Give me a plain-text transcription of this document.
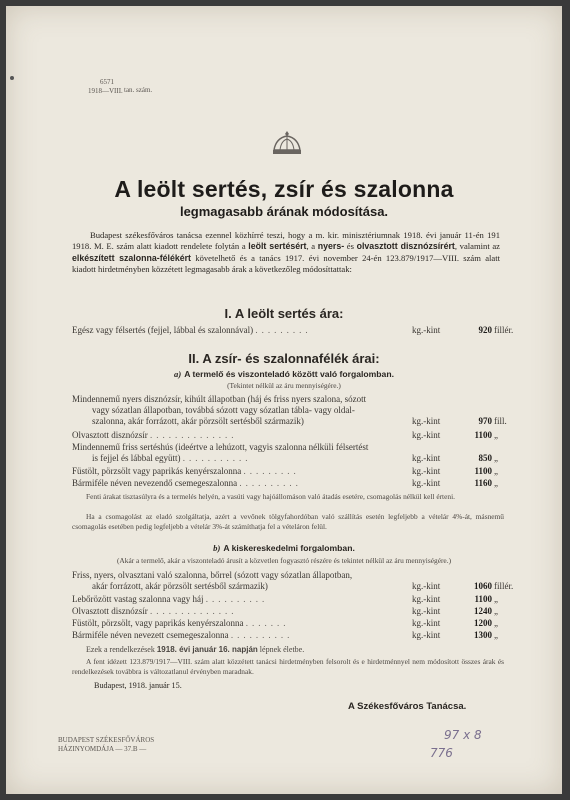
6571
1918—VIII. tan. szám.
A leölt sertés, zsír és szalonna
legmagasabb árának módosítása.
Budapest székesfőváros tanácsa ezennel közhírré teszi, hogy a m. kir. minisztériumnak 1918. évi január 11-én 191 1918. M. E. szám alatt kiadott rendelete folytán a leölt sertésért, a nyers- és olvasztott disznózsírért, valamint az elkészített szalonna-félékért követelhető és a tanács 1917. évi november 24-én 123.879/1917—VIII. szám alatt kiadott hirdetményben közzétett legmagasabb árak a következőleg módosíttattak:
I. A leölt sertés ára:
Egész vagy félsertés (fejjel, lábbal és szalonnával) .........	kg.-kint	920 fillér.
II. A zsír- és szalonnafélék árai:
a) A termelő és viszonteladó között való forgalomban.
(Tekintet nélkül az áru mennyiségére.)
Mindennemű nyers disznózsír, kihúlt állapotban (háj és friss nyers szalona, sózott
vagy sózatlan állapotban, továbbá sózott vagy sózatlan tábla- vagy oldal-
szalonna, akár forrázott, akár pörzsölt sertésből származik)	kg.-kint	970 fill.
Olvasztott disznózsír ..............	kg.-kint	1100 „
Mindennemű friss sertéshús (ideértve a lehúzott, vagyis szalonna nélküli félsertést
is fejjel és lábbal együtt) ...........	kg.-kint	850 „
Füstölt, pörzsölt vagy paprikás kenyérszalonna .........	kg.-kint	1100 „
Bármiféle néven nevezendő csemegeszalonna ..........	kg.-kint	1160 „
Fenti árakat tisztasúlyra és a termelés helyén, a vasúti vagy hajóállomáson való átadás esetére, csomagolás nélkül kell érteni.
Ha a csomagolást az eladó szolgáltatja, azért a vevőnek tölgyfahordóban való szállítás esetén legfeljebb a vételár 4%-át, másnemű csomagolás esetében pedig legfeljebb a vételár 3%-át számíthatja fel a vételáron felül.
b) A kiskereskedelmi forgalomban.
(Akár a termelő, akár a viszonteladó árusít a közvetlen fogyasztó részére és tekintet nélkül az áru mennyiségére.)
Friss, nyers, olvasztani való szalonna, bőrrel (sózott vagy sózatlan állapotban,
akár forrázott, akár pörzsölt sertésből származik)	kg.-kint	1060 fillér.
Lebőrözött vastag szalonna vagy háj ..........	kg.-kint	1100 „
Olvasztott disznózsír ..............	kg.-kint	1240 „
Füstölt, pörzsölt, vagy paprikás kenyérszalonna .......	kg.-kint	1200 „
Bármiféle néven nevezett csemegeszalonna ..........	kg.-kint	1300 „
Ezek a rendelkezések 1918. évi január 16. napján lépnek életbe.
A fent idézett 123.879/1917—VIII. szám alatt közzétett tanácsi hirdetményben felsorolt és e hirdetménnyel nem módosított összes árak és rendelkezések továbbra is változatlanul érvényben maradnak.
Budapest, 1918. január 15.
A Székesfőváros Tanácsa.
BUDAPEST SZÉKESFŐVÁROS
HÁZINYOMDÁJA — 37.B —
97 x 8
776
